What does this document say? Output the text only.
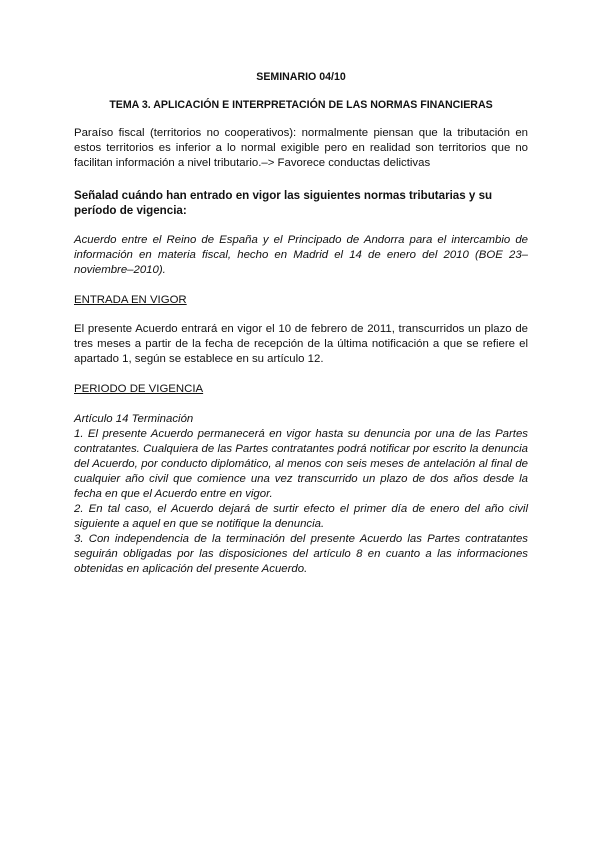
SEMINARIO 04/10

TEMA 3. APLICACIÓN E INTERPRETACIÓN DE LAS NORMAS FINANCIERAS

Paraíso fiscal (territorios no cooperativos): normalmente piensan que la tributación en estos territorios es inferior a lo normal exigible pero en realidad son territorios que no facilitan información a nivel tributario.–> Favorece conductas delictivas

Señalad cuándo han entrado en vigor las siguientes normas tributarias y su período de vigencia:

Acuerdo entre el Reino de España y el Principado de Andorra para el intercambio de información en materia fiscal, hecho en Madrid el 14 de enero del 2010 (BOE 23–noviembre–2010).

ENTRADA EN VIGOR

El presente Acuerdo entrará en vigor el 10 de febrero de 2011, transcurridos un plazo de tres meses a partir de la fecha de recepción de la última notificación a que se refiere el apartado 1, según se establece en su artículo 12.

PERIODO DE VIGENCIA

Artículo 14 Terminación

1. El presente Acuerdo permanecerá en vigor hasta su denuncia por una de las Partes contratantes. Cualquiera de las Partes contratantes podrá notificar por escrito la denuncia del Acuerdo, por conducto diplomático, al menos con seis meses de antelación al final de cualquier año civil que comience una vez transcurrido un plazo de dos años desde la fecha en que el Acuerdo entre en vigor.

2. En tal caso, el Acuerdo dejará de surtir efecto el primer día de enero del año civil siguiente a aquel en que se notifique la denuncia.

3. Con independencia de la terminación del presente Acuerdo las Partes contratantes seguirán obligadas por las disposiciones del artículo 8 en cuanto a las informaciones obtenidas en aplicación del presente Acuerdo.
